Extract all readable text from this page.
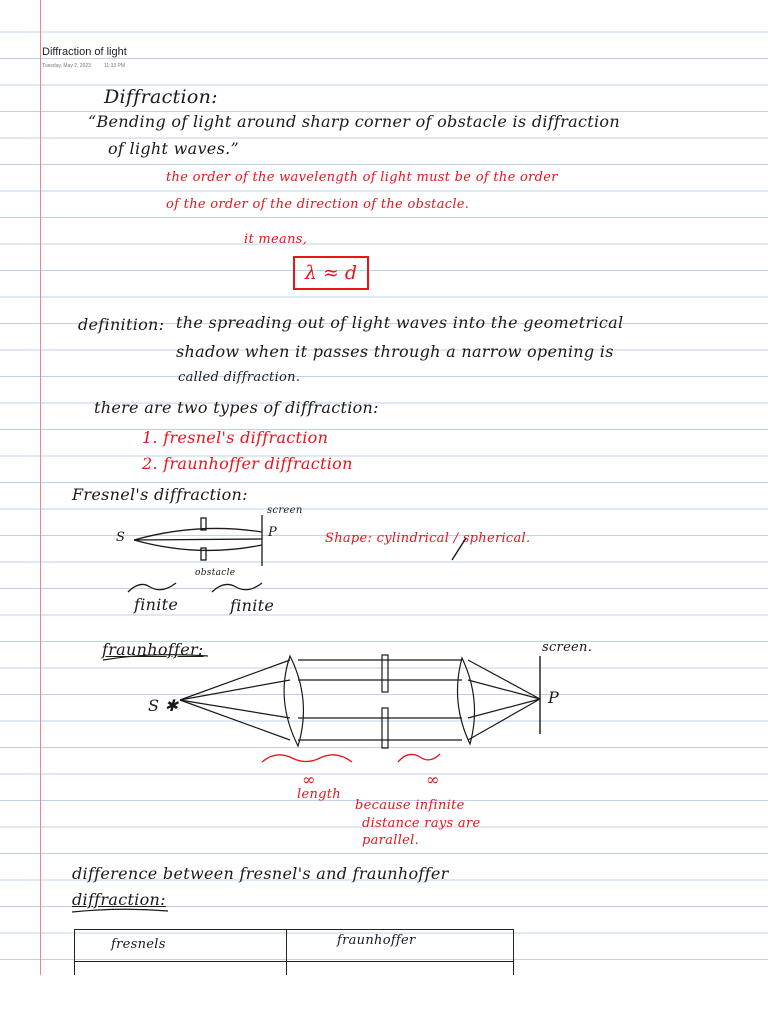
Diffraction of light
Tuesday, May 2, 2023	11:33 PM
Diffraction:
“Bending of light around sharp corner of obstacle is diffraction
of light waves.”
the order of the wavelength of light must be of the order
of the order of the direction of the obstacle.
it means,
λ ≈ d
definition: the spreading out of light waves into the geometrical
shadow when it passes through a narrow opening is
called diffraction.
there are two types of diffraction:
1. fresnel's diffraction
2. fraunhoffer diffraction
Fresnel's diffraction:
S
screen
P
obstacle
finite	finite
Shape: cylindrical / spherical.
fraunhoffer:	screen.
S ✱	P
∞
length
∞
because infinite
distance rays are
parallel.
difference between fresnel's and fraunhoffer
diffraction:
fresnels	fraunhoffer
